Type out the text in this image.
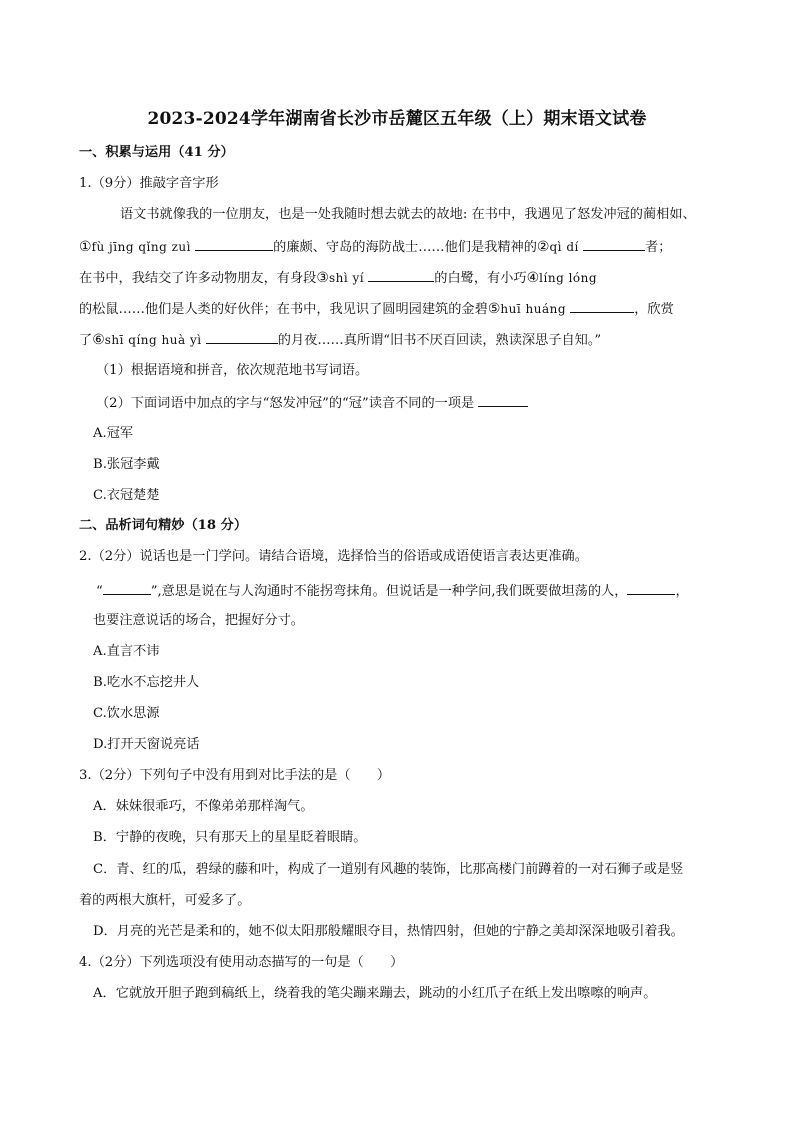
2023-2024学年湖南省长沙市岳麓区五年级（上）期末语文试卷
一、积累与运用（41 分）
1.（9分）推敲字音字形
语文书就像我的一位朋友，也是一处我随时想去就去的故地: 在书中，我遇见了怒发冲冠的蔺相如、
①fù jīng qǐng zuì	的廉颇、守岛的海防战士……他们是我精神的②qì dí	者；
在书中，我结交了许多动物朋友，有身段③shì yí	的白鹭，有小巧④líng lóng
的松鼠……他们是人类的好伙伴；在书中，我见识了圆明园建筑的金碧⑤huī huáng	，欣赏
了⑥shī qíng huà yì	的月夜……真所谓“旧书不厌百回读，熟读深思子自知。”
（1）根据语境和拼音，依次规范地书写词语。
（2）下面词语中加点的字与“怒发冲冠”的“冠”读音不同的一项是
A.冠军
B.张冠李戴
C.衣冠楚楚
二、品析词句精妙（18 分）
2.（2分）说话也是一门学问。请结合语境，选择恰当的俗语或成语使语言表达更准确。
“	”,意思是说在与人沟通时不能拐弯抹角。但说话是一种学问,我们既要做坦荡的人，	，
也要注意说话的场合，把握好分寸。
A.直言不讳
B.吃水不忘挖井人
C.饮水思源
D.打开天窗说亮话
3.（2分）下列句子中没有用到对比手法的是（　　）
A．妹妹很乖巧，不像弟弟那样淘气。
B．宁静的夜晚，只有那天上的星星眨着眼睛。
C．青、红的瓜，碧绿的藤和叶，构成了一道别有风趣的装饰，比那高楼门前蹲着的一对石狮子或是竖
着的两根大旗杆，可爱多了。
D．月亮的光芒是柔和的，她不似太阳那般耀眼夺目，热情四射，但她的宁静之美却深深地吸引着我。
4.（2分）下列选项没有使用动态描写的一句是（　　）
A．它就放开胆子跑到稿纸上，绕着我的笔尖蹦来蹦去，跳动的小红爪子在纸上发出嚓嚓的响声。
